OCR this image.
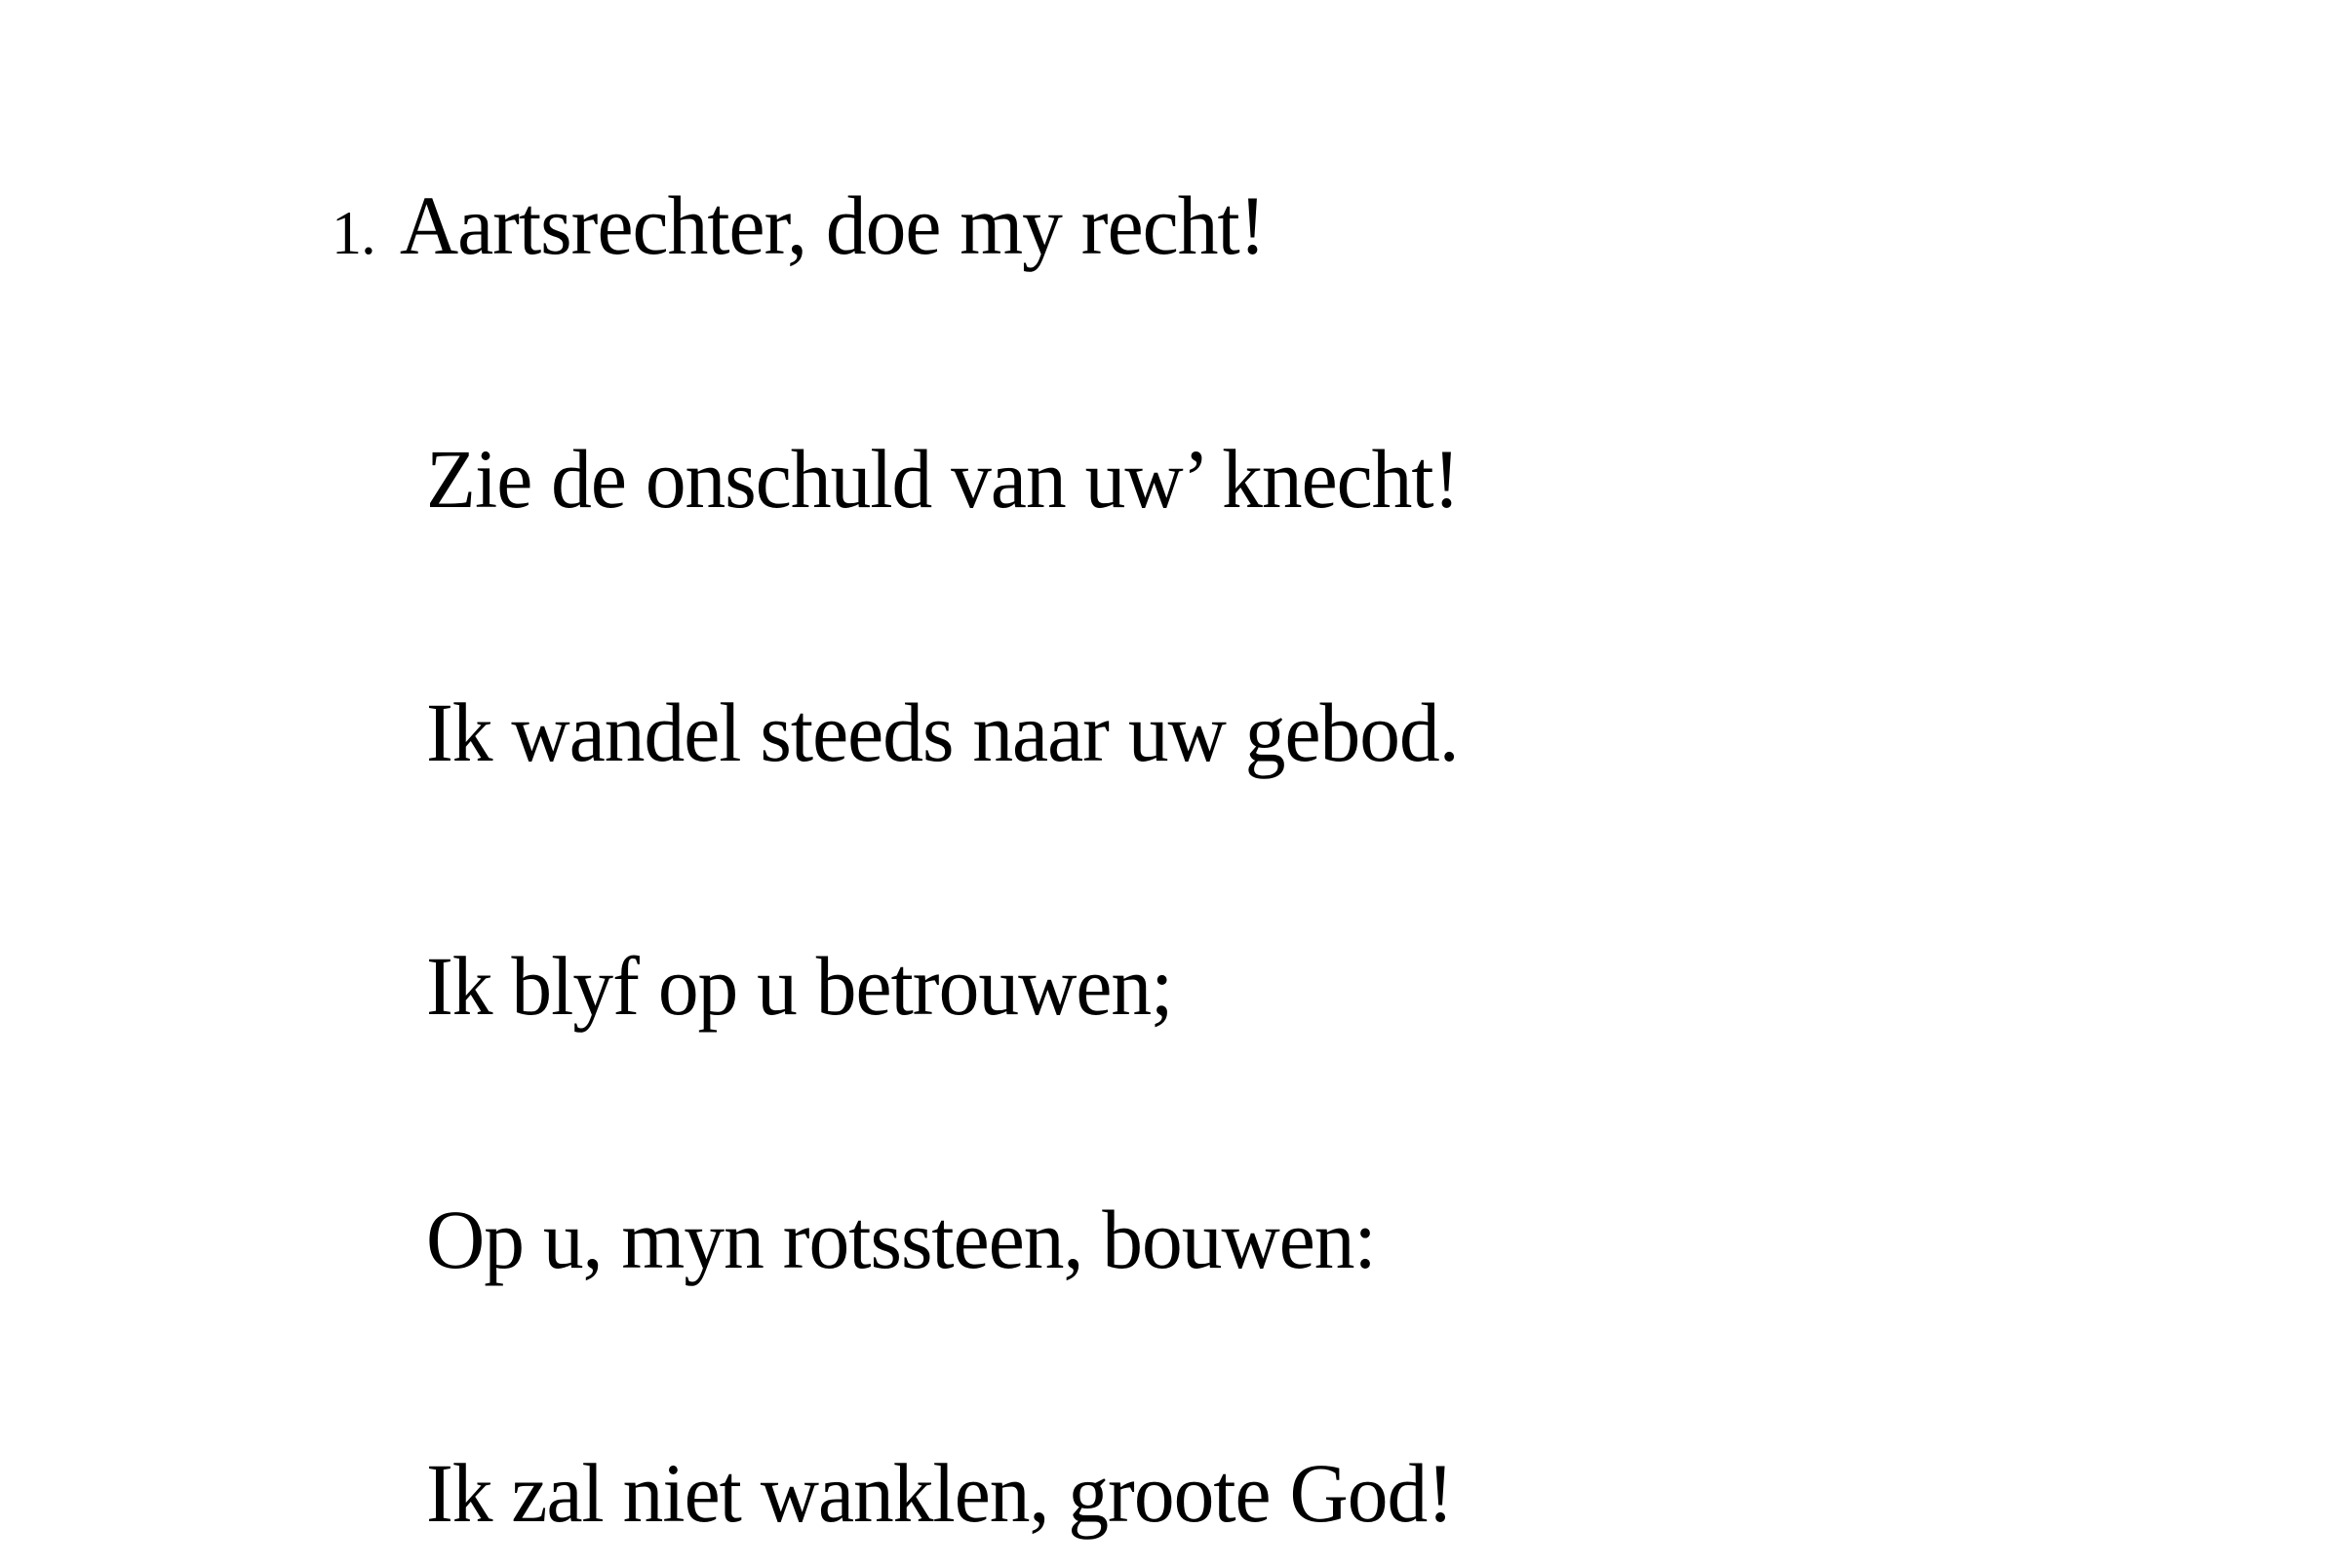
1. Aartsrechter, doe my recht!
Zie de onschuld van uw’ knecht!
Ik wandel steeds naar uw gebod.
Ik blyf op u betrouwen;
Op u, myn rotssteen, bouwen:
Ik zal niet wanklen, groote God!
